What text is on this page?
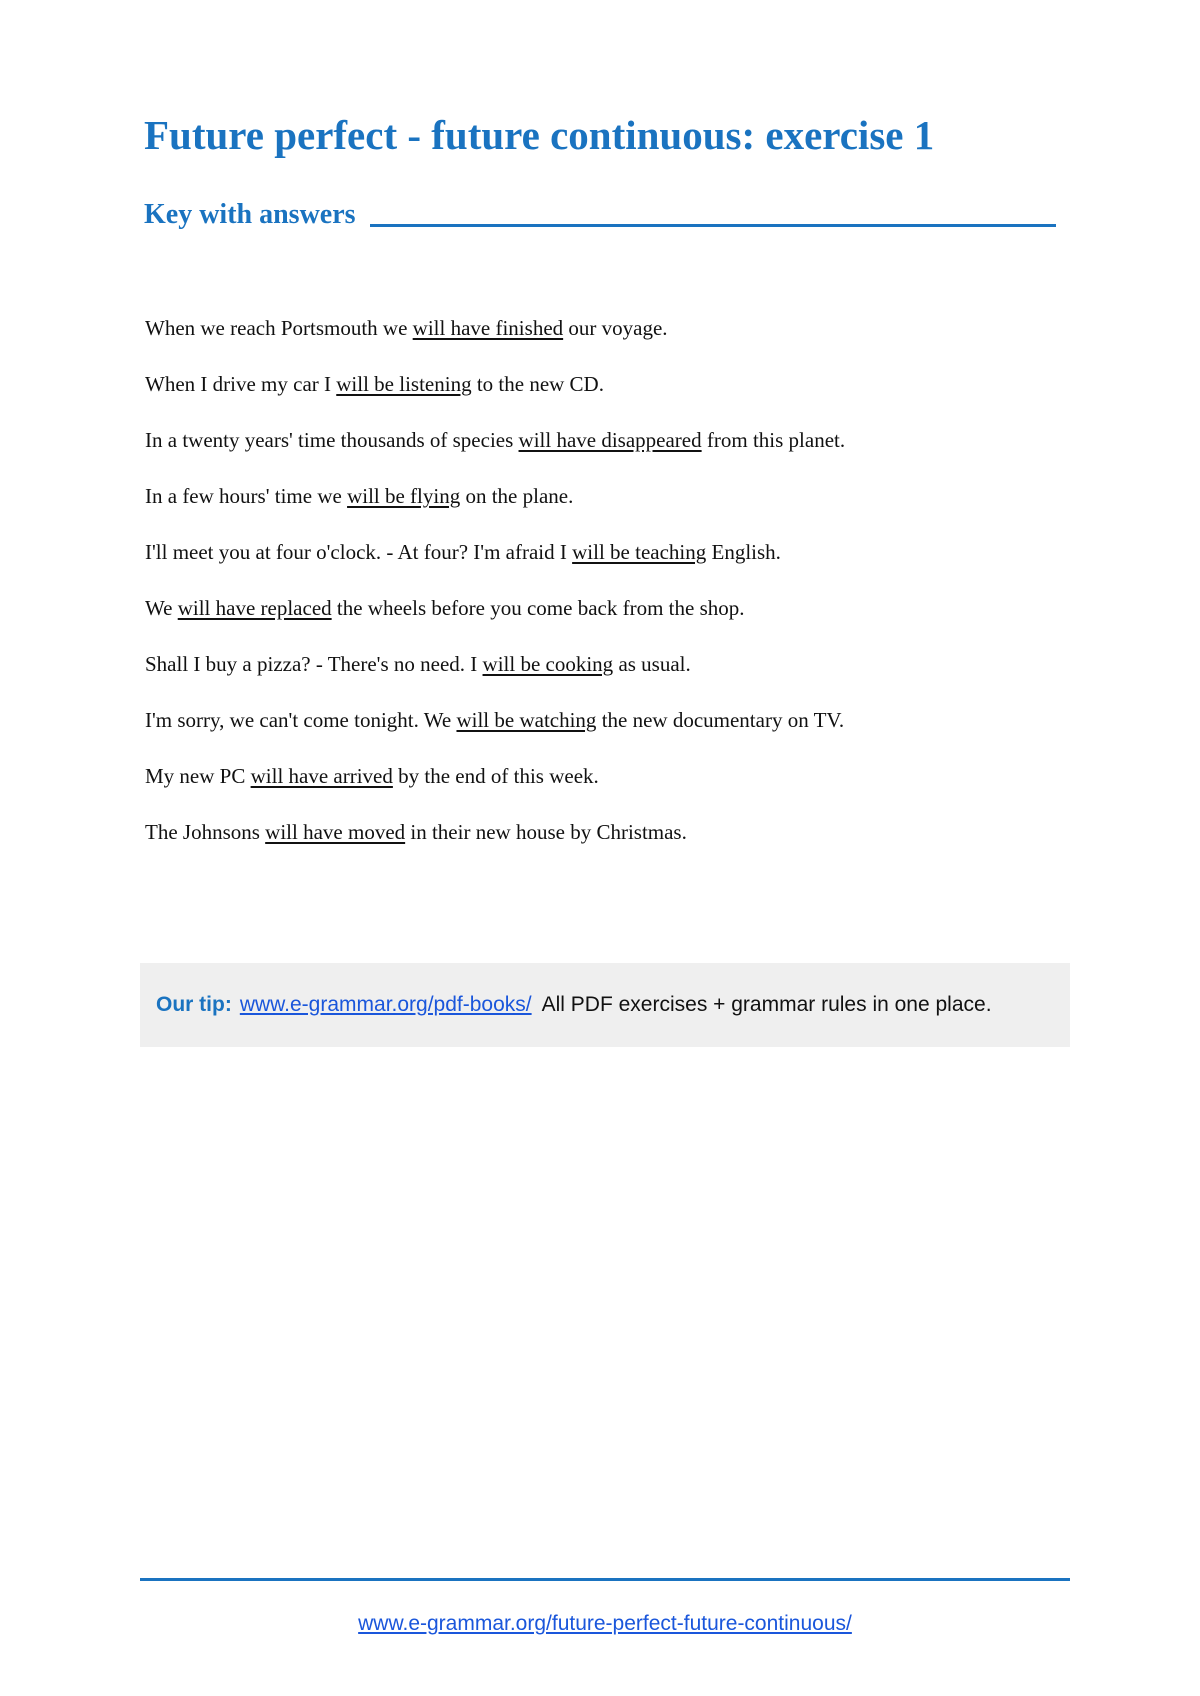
Future perfect - future continuous: exercise 1
Key with answers
When we reach Portsmouth we will have finished our voyage.
When I drive my car I will be listening to the new CD.
In a twenty years' time thousands of species will have disappeared from this planet.
In a few hours' time we will be flying on the plane.
I'll meet you at four o'clock. - At four? I'm afraid I will be teaching English.
We will have replaced the wheels before you come back from the shop.
Shall I buy a pizza? - There's no need. I will be cooking as usual.
I'm sorry, we can't come tonight. We will be watching the new documentary on TV.
My new PC will have arrived by the end of this week.
The Johnsons will have moved in their new house by Christmas.
Our tip: www.e-grammar.org/pdf-books/ All PDF exercises + grammar rules in one place.
www.e-grammar.org/future-perfect-future-continuous/
